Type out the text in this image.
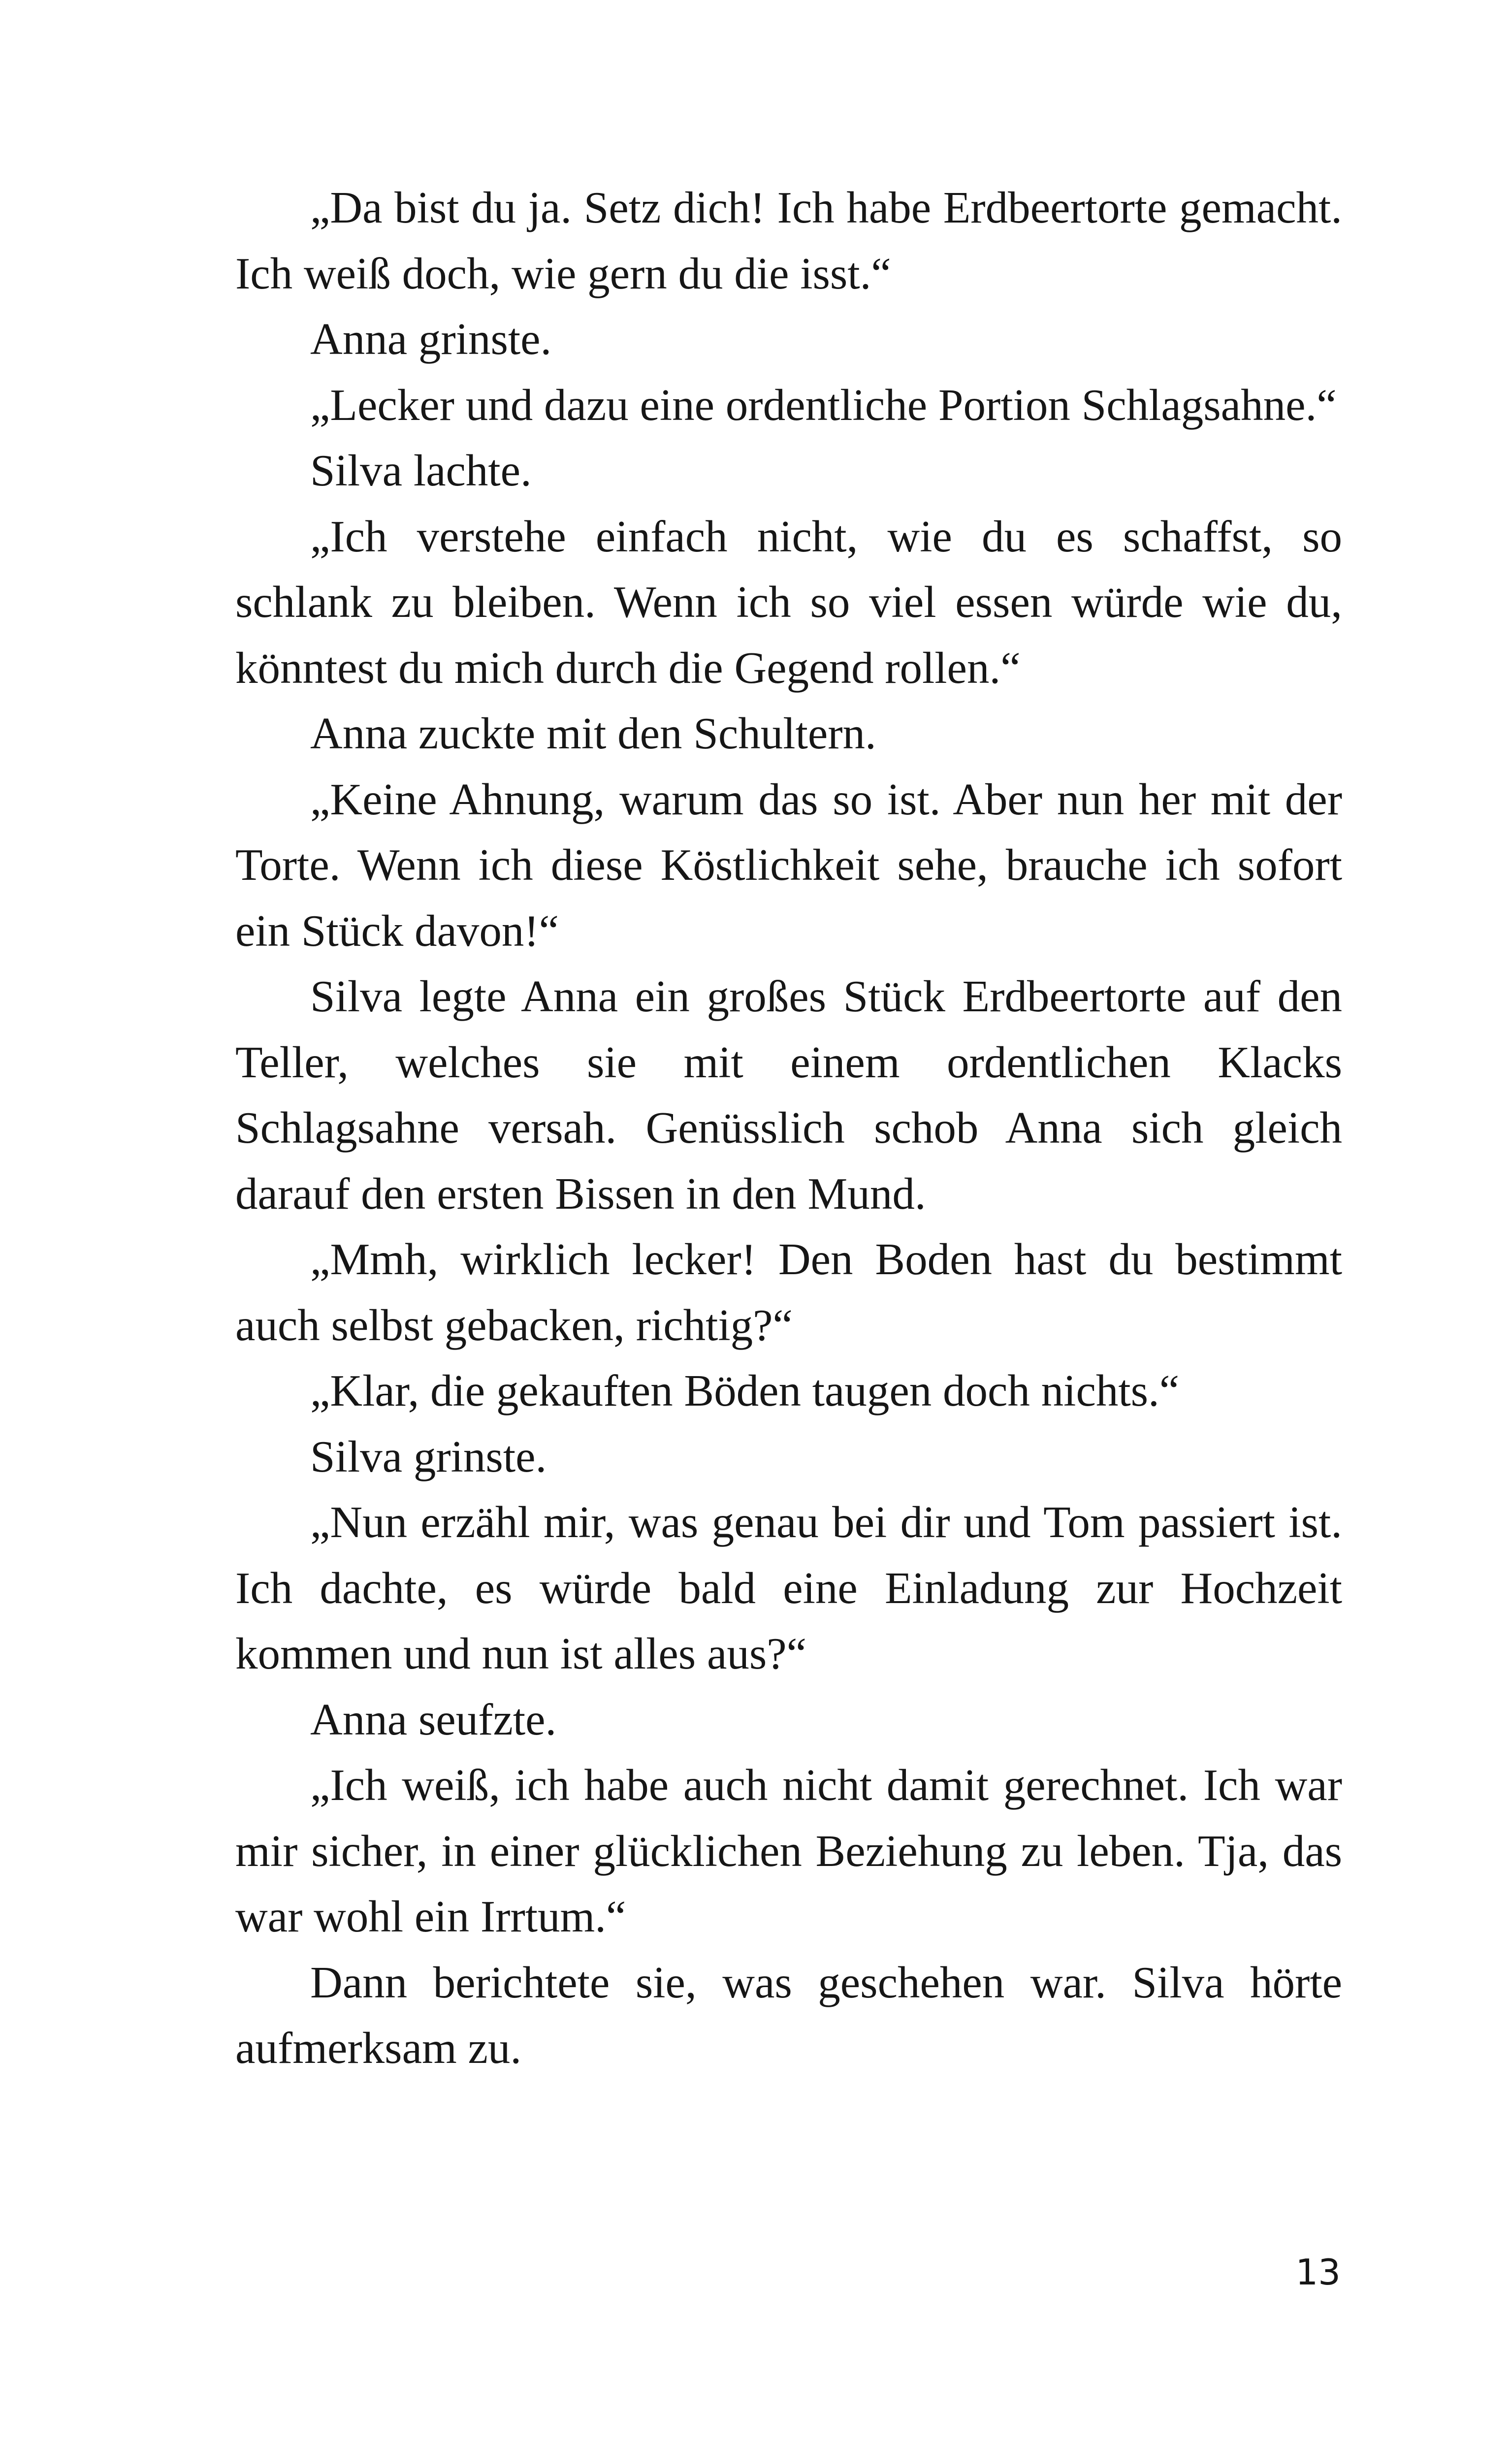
„Da bist du ja. Setz dich! Ich habe Erdbeertorte gemacht. Ich weiß doch, wie gern du die isst.“

Anna grinste.

„Lecker und dazu eine ordentliche Portion Schlagsahne.“

Silva lachte.

„Ich verstehe einfach nicht, wie du es schaffst, so schlank zu bleiben. Wenn ich so viel essen würde wie du, könntest du mich durch die Gegend rollen.“

Anna zuckte mit den Schultern.

„Keine Ahnung, warum das so ist. Aber nun her mit der Torte. Wenn ich diese Köstlichkeit sehe, brauche ich sofort ein Stück davon!“

Silva legte Anna ein großes Stück Erdbeertorte auf den Teller, welches sie mit einem ordentlichen Klacks Schlagsahne versah. Genüsslich schob Anna sich gleich darauf den ersten Bissen in den Mund.

„Mmh, wirklich lecker! Den Boden hast du bestimmt auch selbst gebacken, richtig?“

„Klar, die gekauften Böden taugen doch nichts.“

Silva grinste.

„Nun erzähl mir, was genau bei dir und Tom passiert ist. Ich dachte, es würde bald eine Einladung zur Hochzeit kommen und nun ist alles aus?“

Anna seufzte.

„Ich weiß, ich habe auch nicht damit gerechnet. Ich war mir sicher, in einer glücklichen Beziehung zu leben. Tja, das war wohl ein Irrtum.“

Dann berichtete sie, was geschehen war. Silva hörte aufmerksam zu.

13
